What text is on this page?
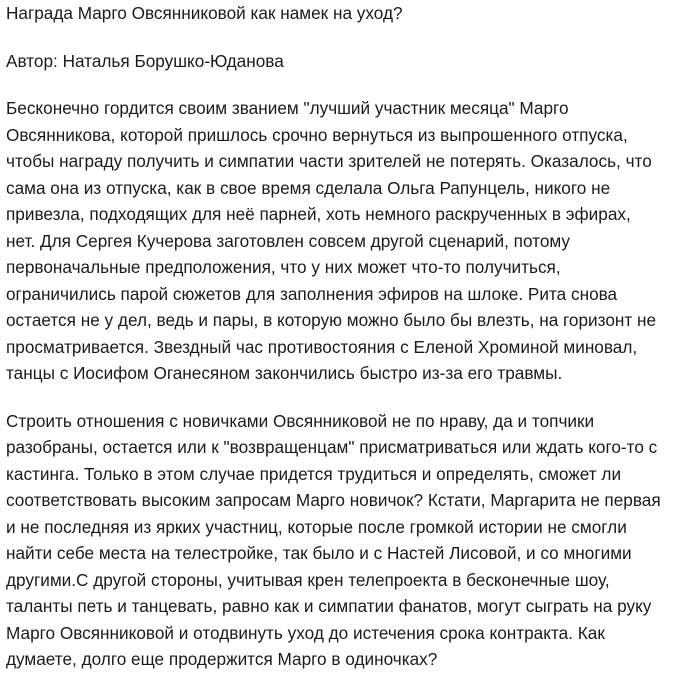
Награда Марго Овсянниковой как намек на уход?
Автор: Наталья Борушко-Юданова
Бесконечно гордится своим званием "лучший участник месяца" Марго
Овсянникова, которой пришлось срочно вернуться из выпрошенного отпуска,
чтобы награду получить и симпатии части зрителей не потерять. Оказалось, что
сама она из отпуска, как в свое время сделала Ольга Рапунцель, никого не
привезла, подходящих для неё парней, хоть немного раскрученных в эфирах,
нет. Для Сергея Кучерова заготовлен совсем другой сценарий, потому
первоначальные предположения, что у них может что-то получиться,
ограничились парой сюжетов для заполнения эфиров на шлоке. Рита снова
остается не у дел, ведь и пары, в которую можно было бы влезть, на горизонт не
просматривается. Звездный час противостояния с Еленой Хроминой миновал,
танцы с Иосифом Оганесяном закончились быстро из-за его травмы.
Строить отношения с новичками Овсянниковой не по нраву, да и топчики
разобраны, остается или к "возвращенцам" присматриваться или ждать кого-то с
кастинга. Только в этом случае придется трудиться и определять, сможет ли
соответствовать высоким запросам Марго новичок? Кстати, Маргарита не первая
и не последняя из ярких участниц, которые после громкой истории не смогли
найти себе места на телестройке, так было и с Настей Лисовой, и со многими
другими.С другой стороны, учитывая крен телепроекта в бесконечные шоу,
таланты петь и танцевать, равно как и симпатии фанатов, могут сыграть на руку
Марго Овсянниковой и отодвинуть уход до истечения срока контракта. Как
думаете, долго еще продержится Марго в одиночках?
